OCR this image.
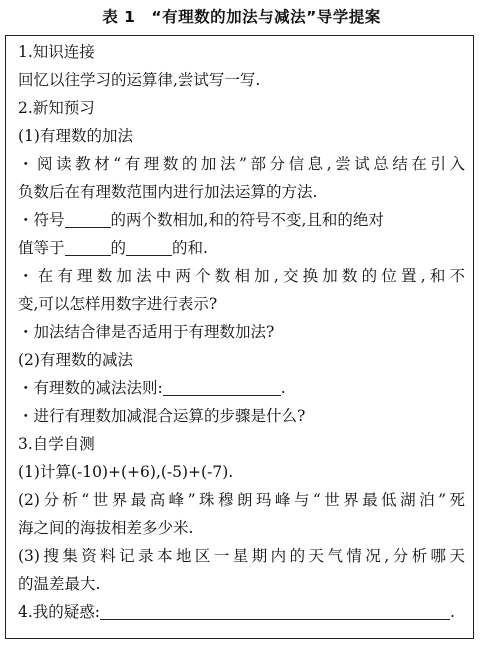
表 1　“有理数的加法与减法”导学提案
1.知识连接
回忆以往学习的运算律,尝试写一写.
2.新知预习
(1)有理数的加法
・阅读教材“有理数的加法”部分信息,尝试总结在引入
负数后在有理数范围内进行加法运算的方法.
・符号	的两个数相加,和的符号不变,且和的绝对
值等于	的	的和.
・在有理数加法中两个数相加,交换加数的位置,和不
变,可以怎样用数字进行表示?
・加法结合律是否适用于有理数加法?
(2)有理数的减法
・有理数的减法法则:	.
・进行有理数加减混合运算的步骤是什么?
3.自学自测
(1)计算(-10)+(+6),(-5)+(-7).
(2)分析“世界最高峰”珠穆朗玛峰与“世界最低湖泊”死
海之间的海拔相差多少米.
(3)搜集资料记录本地区一星期内的天气情况,分析哪天
的温差最大.
4.我的疑惑:	.
